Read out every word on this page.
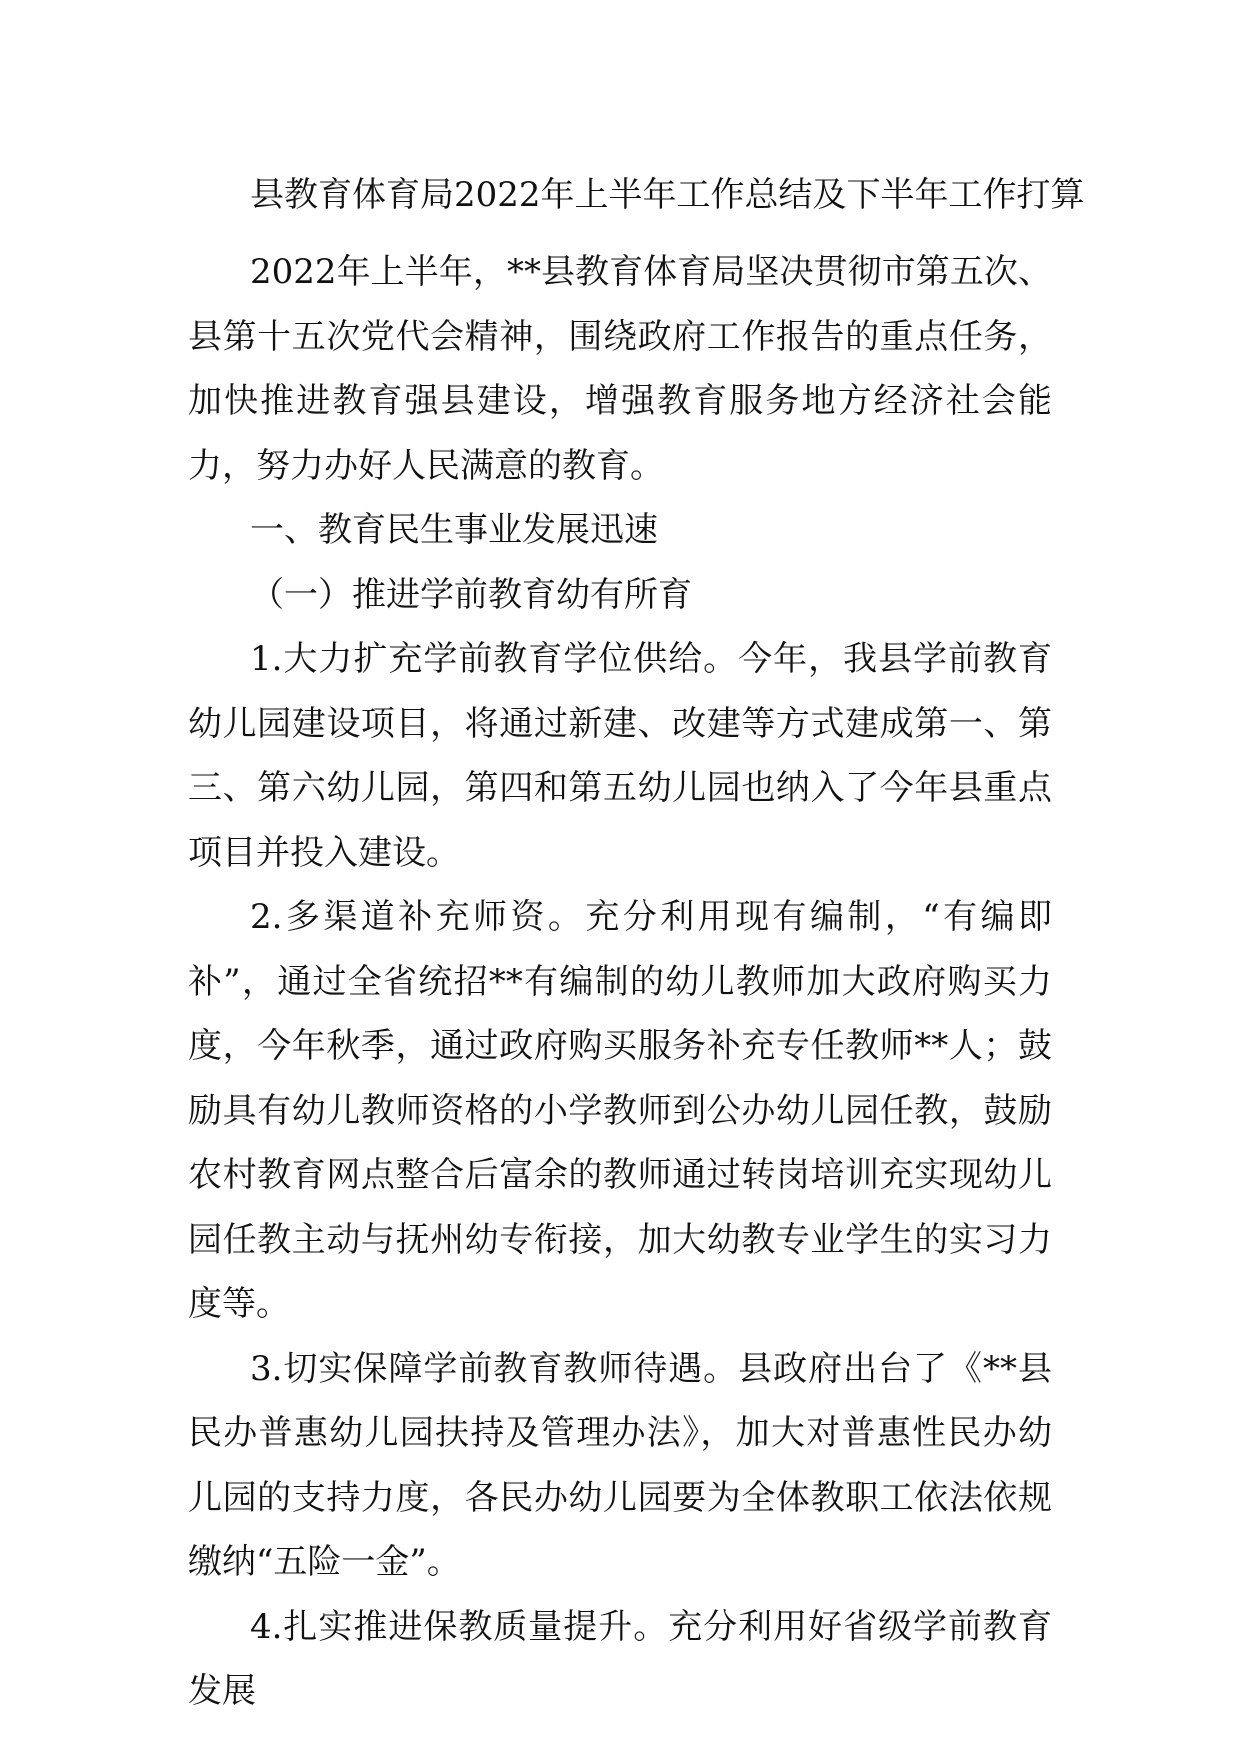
县教育体育局2022年上半年工作总结及下半年工作打算

2022年上半年，**县教育体育局坚决贯彻市第五次、县第十五次党代会精神，围绕政府工作报告的重点任务，加快推进教育强县建设，增强教育服务地方经济社会能力，努力办好人民满意的教育。

一、教育民生事业发展迅速

（一）推进学前教育幼有所育

1.大力扩充学前教育学位供给。今年，我县学前教育幼儿园建设项目，将通过新建、改建等方式建成第一、第三、第六幼儿园，第四和第五幼儿园也纳入了今年县重点项目并投入建设。

2.多渠道补充师资。充分利用现有编制，“有编即补”，通过全省统招**有编制的幼儿教师加大政府购买力度，今年秋季，通过政府购买服务补充专任教师**人；鼓励具有幼儿教师资格的小学教师到公办幼儿园任教，鼓励农村教育网点整合后富余的教师通过转岗培训充实现幼儿园任教主动与抚州幼专衔接，加大幼教专业学生的实习力度等。

3.切实保障学前教育教师待遇。县政府出台了《**县民办普惠幼儿园扶持及管理办法》，加大对普惠性民办幼儿园的支持力度，各民办幼儿园要为全体教职工依法依规缴纳“五险一金”。

4.扎实推进保教质量提升。充分利用好省级学前教育发展
